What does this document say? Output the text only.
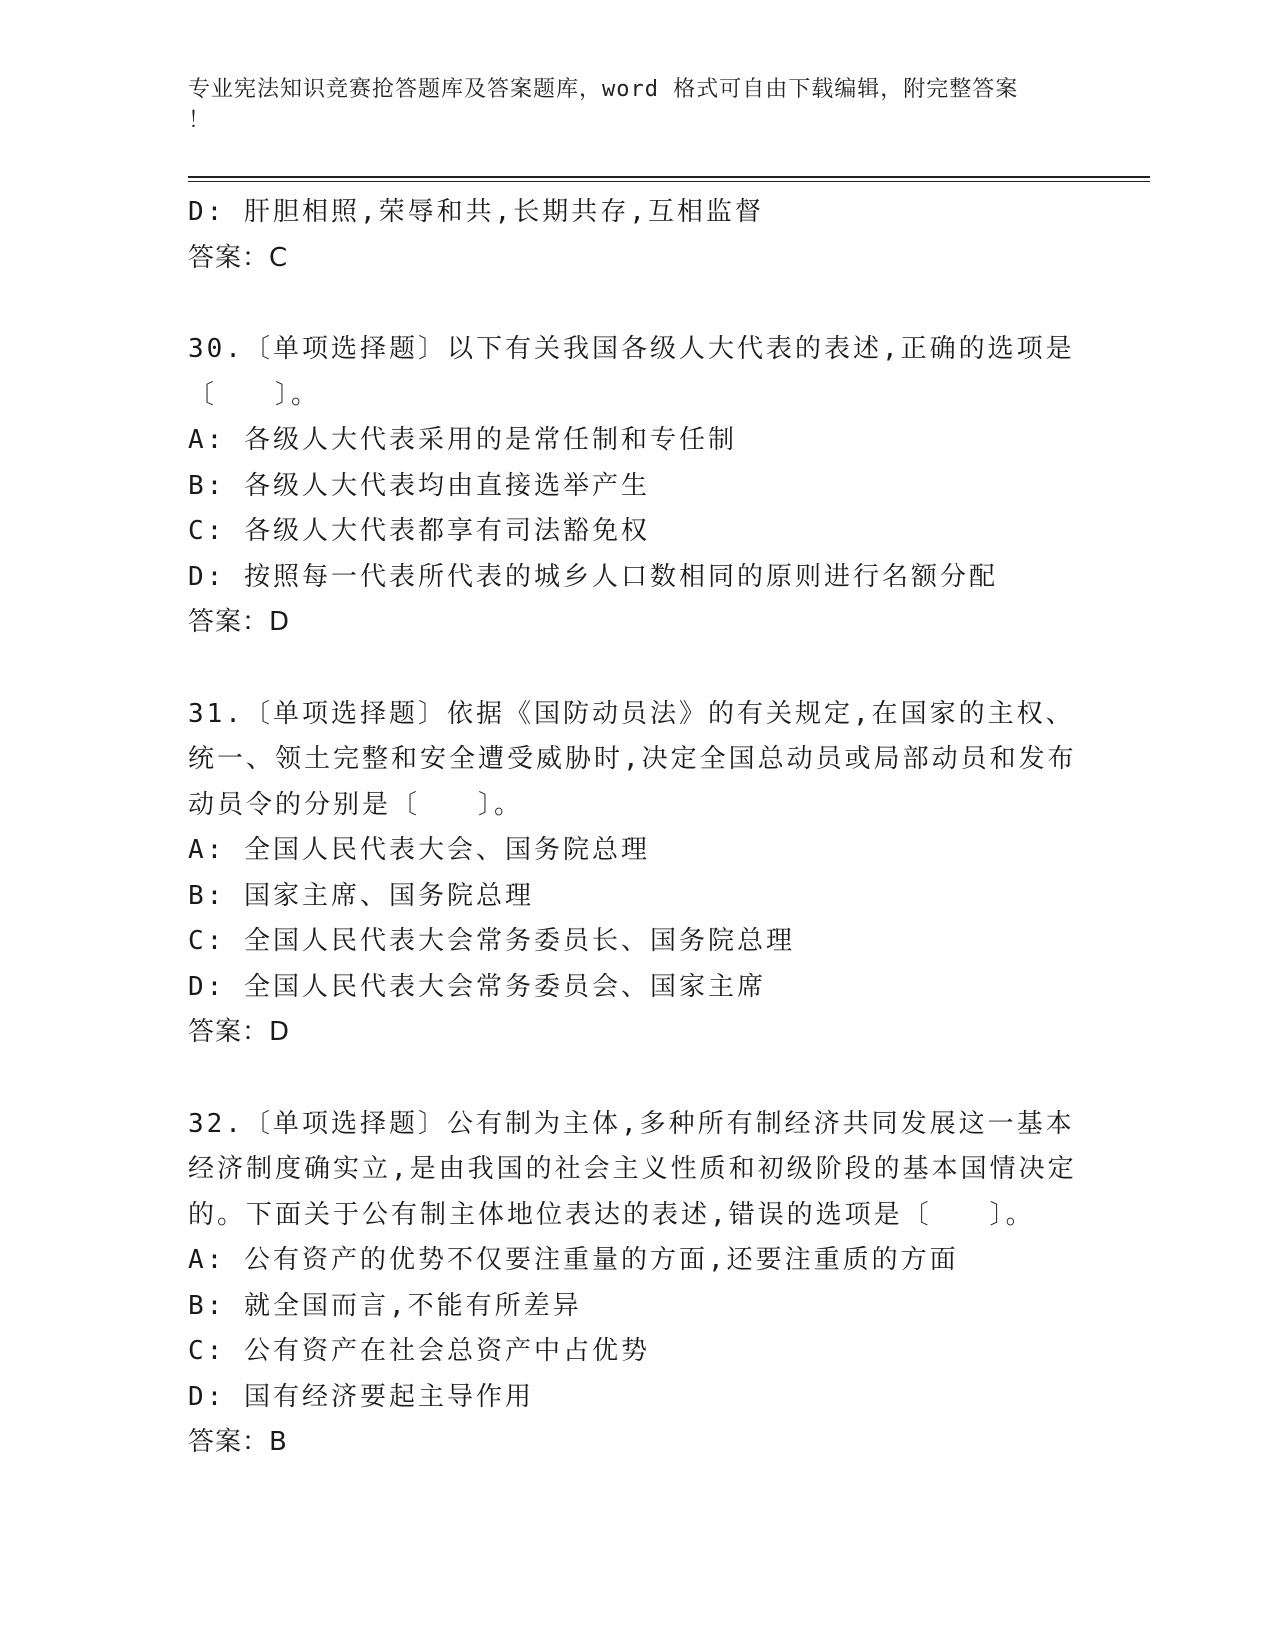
专业宪法知识竞赛抢答题库及答案题库，word 格式可自由下载编辑，附完整答案
！
D: 肝胆相照,荣辱和共,长期共存,互相监督
答案：C
30.〔单项选择题〕以下有关我国各级人大代表的表述,正确的选项是
〔　　〕。
A: 各级人大代表采用的是常任制和专任制
B: 各级人大代表均由直接选举产生
C: 各级人大代表都享有司法豁免权
D: 按照每一代表所代表的城乡人口数相同的原则进行名额分配
答案：D
31.〔单项选择题〕依据《国防动员法》的有关规定,在国家的主权、
统一、领土完整和安全遭受威胁时,决定全国总动员或局部动员和发布
动员令的分别是〔　　〕。
A: 全国人民代表大会、国务院总理
B: 国家主席、国务院总理
C: 全国人民代表大会常务委员长、国务院总理
D: 全国人民代表大会常务委员会、国家主席
答案：D
32.〔单项选择题〕公有制为主体,多种所有制经济共同发展这一基本
经济制度确实立,是由我国的社会主义性质和初级阶段的基本国情决定
的。下面关于公有制主体地位表达的表述,错误的选项是〔　　〕。
A: 公有资产的优势不仅要注重量的方面,还要注重质的方面
B: 就全国而言,不能有所差异
C: 公有资产在社会总资产中占优势
D: 国有经济要起主导作用
答案：B
